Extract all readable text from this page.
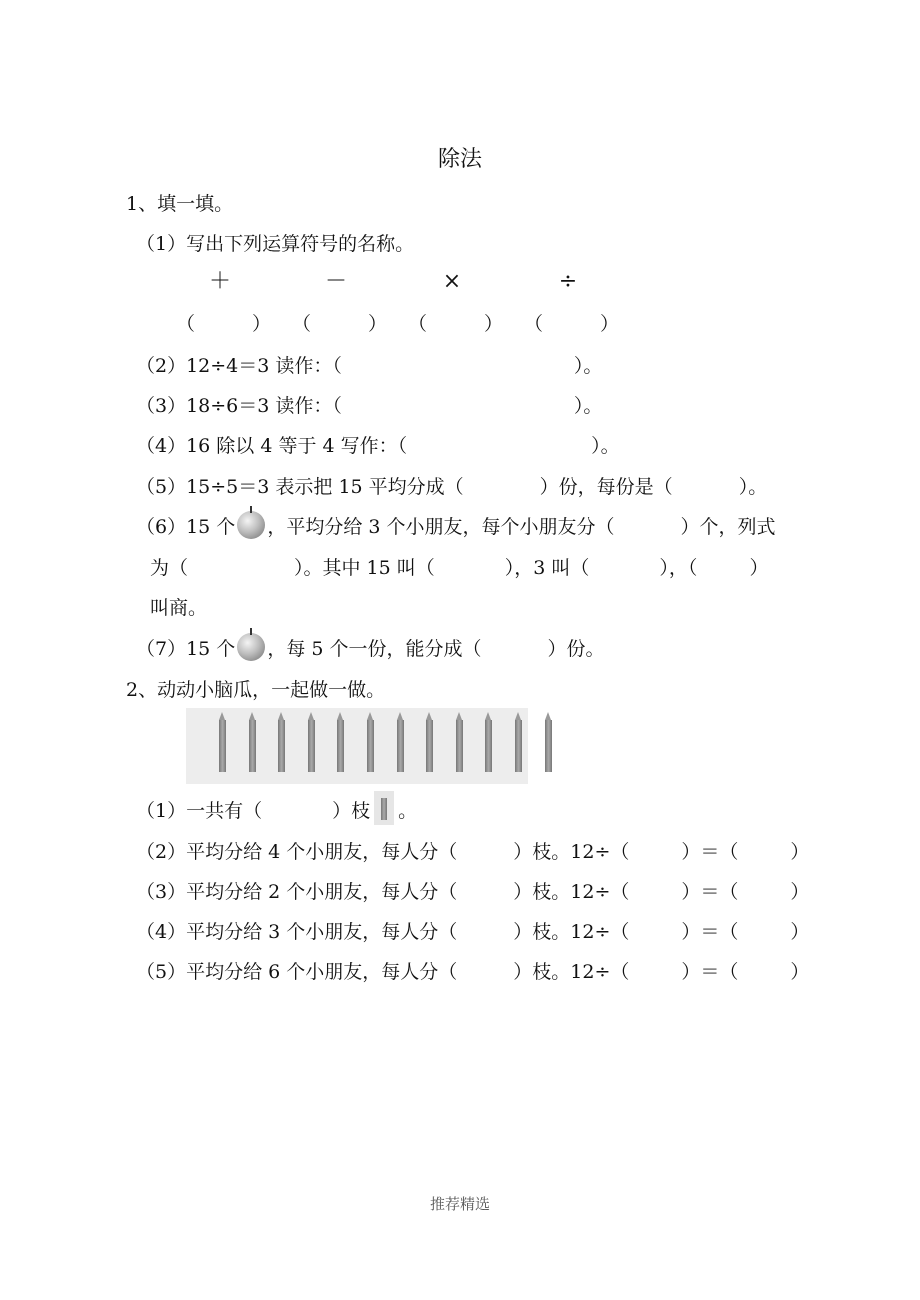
除法
1、填一填。
（1）写出下列运算符号的名称。
＋	－	×	÷
（　　　） （　　　） （　　　） （　　　）
（2）12÷4＝3 读作：（	）。
（3）18÷6＝3 读作：（	）。
（4）16 除以 4 等于 4 写作：（	）。
（5）15÷5＝3 表示把 15 平均分成（	）份，每份是（	）。
（6）15 个 ，平均分给 3 个小朋友，每个小朋友分（	）个，列式
为（	）。其中 15 叫（	），3 叫（	），（	）
叫商。
（7）15 个 ，每 5 个一份，能分成（	）份。
2、动动小脑瓜，一起做一做。
（1）一共有（	）枝 。
（2）平均分给 4 个小朋友，每人分（	）枝。12÷（	）＝（	）
（3）平均分给 2 个小朋友，每人分（	）枝。12÷（	）＝（	）
（4）平均分给 3 个小朋友，每人分（	）枝。12÷（	）＝（	）
（5）平均分给 6 个小朋友，每人分（	）枝。12÷（	）＝（	）
推荐精选
